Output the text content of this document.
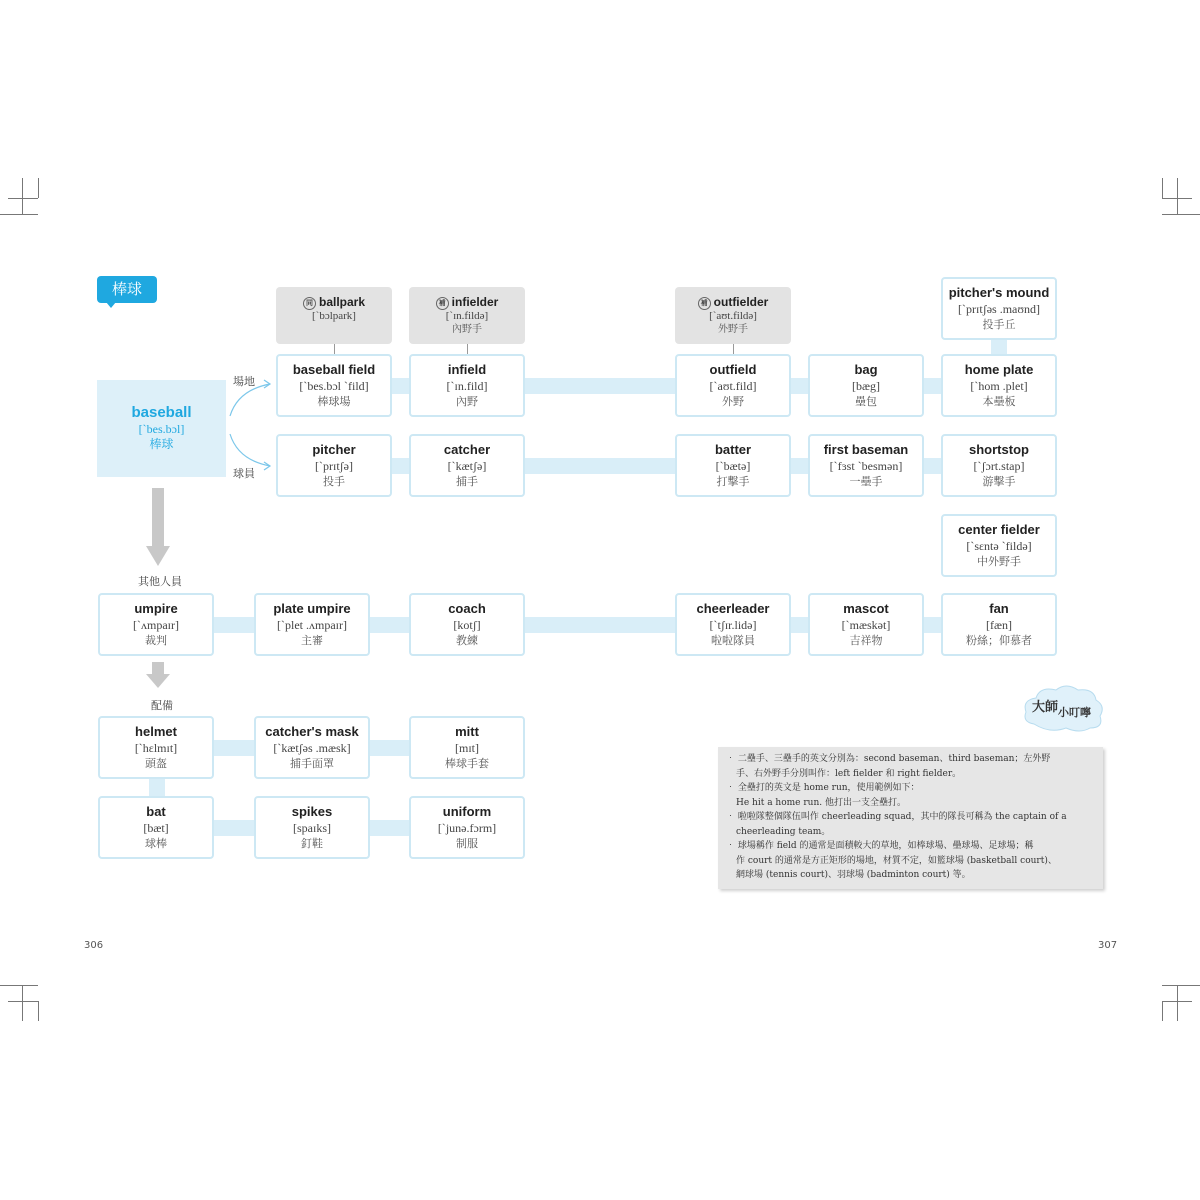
棒球
baseball
[ˋbes.bɔl]
棒球
場地
球員
其他人員
配備
同 ballpark
[ˋbɔlpark]
補 infielder
[ˋɪn.fildə]
內野手
補 outfielder
[ˋaʊt.fildə]
外野手
pitcher's mound
[ˋprɪtʃəs .maʊnd]
投手丘
baseball field
[ˋbes.bɔl ˋfild]
棒球場
infield
[ˋɪn.fild]
內野
outfield
[ˋaʊt.fild]
外野
bag
[bæg]
壘包
home plate
[ˋhom .plet]
本壘板
pitcher
[ˋprɪtʃə]
投手
catcher
[ˋkætʃə]
捕手
batter
[ˋbætə]
打擊手
first baseman
[ˋfɜst ˋbesmən]
一壘手
shortstop
[ˋʃɔrt.stap]
游擊手
center fielder
[ˋsɛntə ˋfildə]
中外野手
umpire
[ˋʌmpaɪr]
裁判
plate umpire
[ˋplet .ʌmpaɪr]
主審
coach
[kotʃ]
教練
cheerleader
[ˋtʃɪr.lidə]
啦啦隊員
mascot
[ˋmæskət]
吉祥物
fan
[fæn]
粉絲；仰慕者
helmet
[ˋhɛlmɪt]
頭盔
catcher's mask
[ˋkætʃəs .mæsk]
捕手面罩
mitt
[mɪt]
棒球手套
bat
[bæt]
球棒
spikes
[spaɪks]
釘鞋
uniform
[ˋjunə.fɔrm]
制服
大師$_{小叮嚀}$

‧ 二壘手、三壘手的英文分別為：second baseman、third baseman；左外野

手、右外野手分別叫作：left fielder 和 right fielder。

‧ 全壘打的英文是 home run，使用範例如下：

He hit a home run. 他打出一支全壘打。

‧ 啦啦隊整個隊伍叫作 cheerleading squad，其中的隊長可稱為 the captain of a

cheerleading team。

‧ 球場稱作 field 的通常是面積較大的草地，如棒球場、壘球場、足球場；稱

作 court 的通常是方正矩形的場地，材質不定，如籃球場 (basketball court)、

網球場 (tennis court)、羽球場 (badminton court) 等。

306	307
